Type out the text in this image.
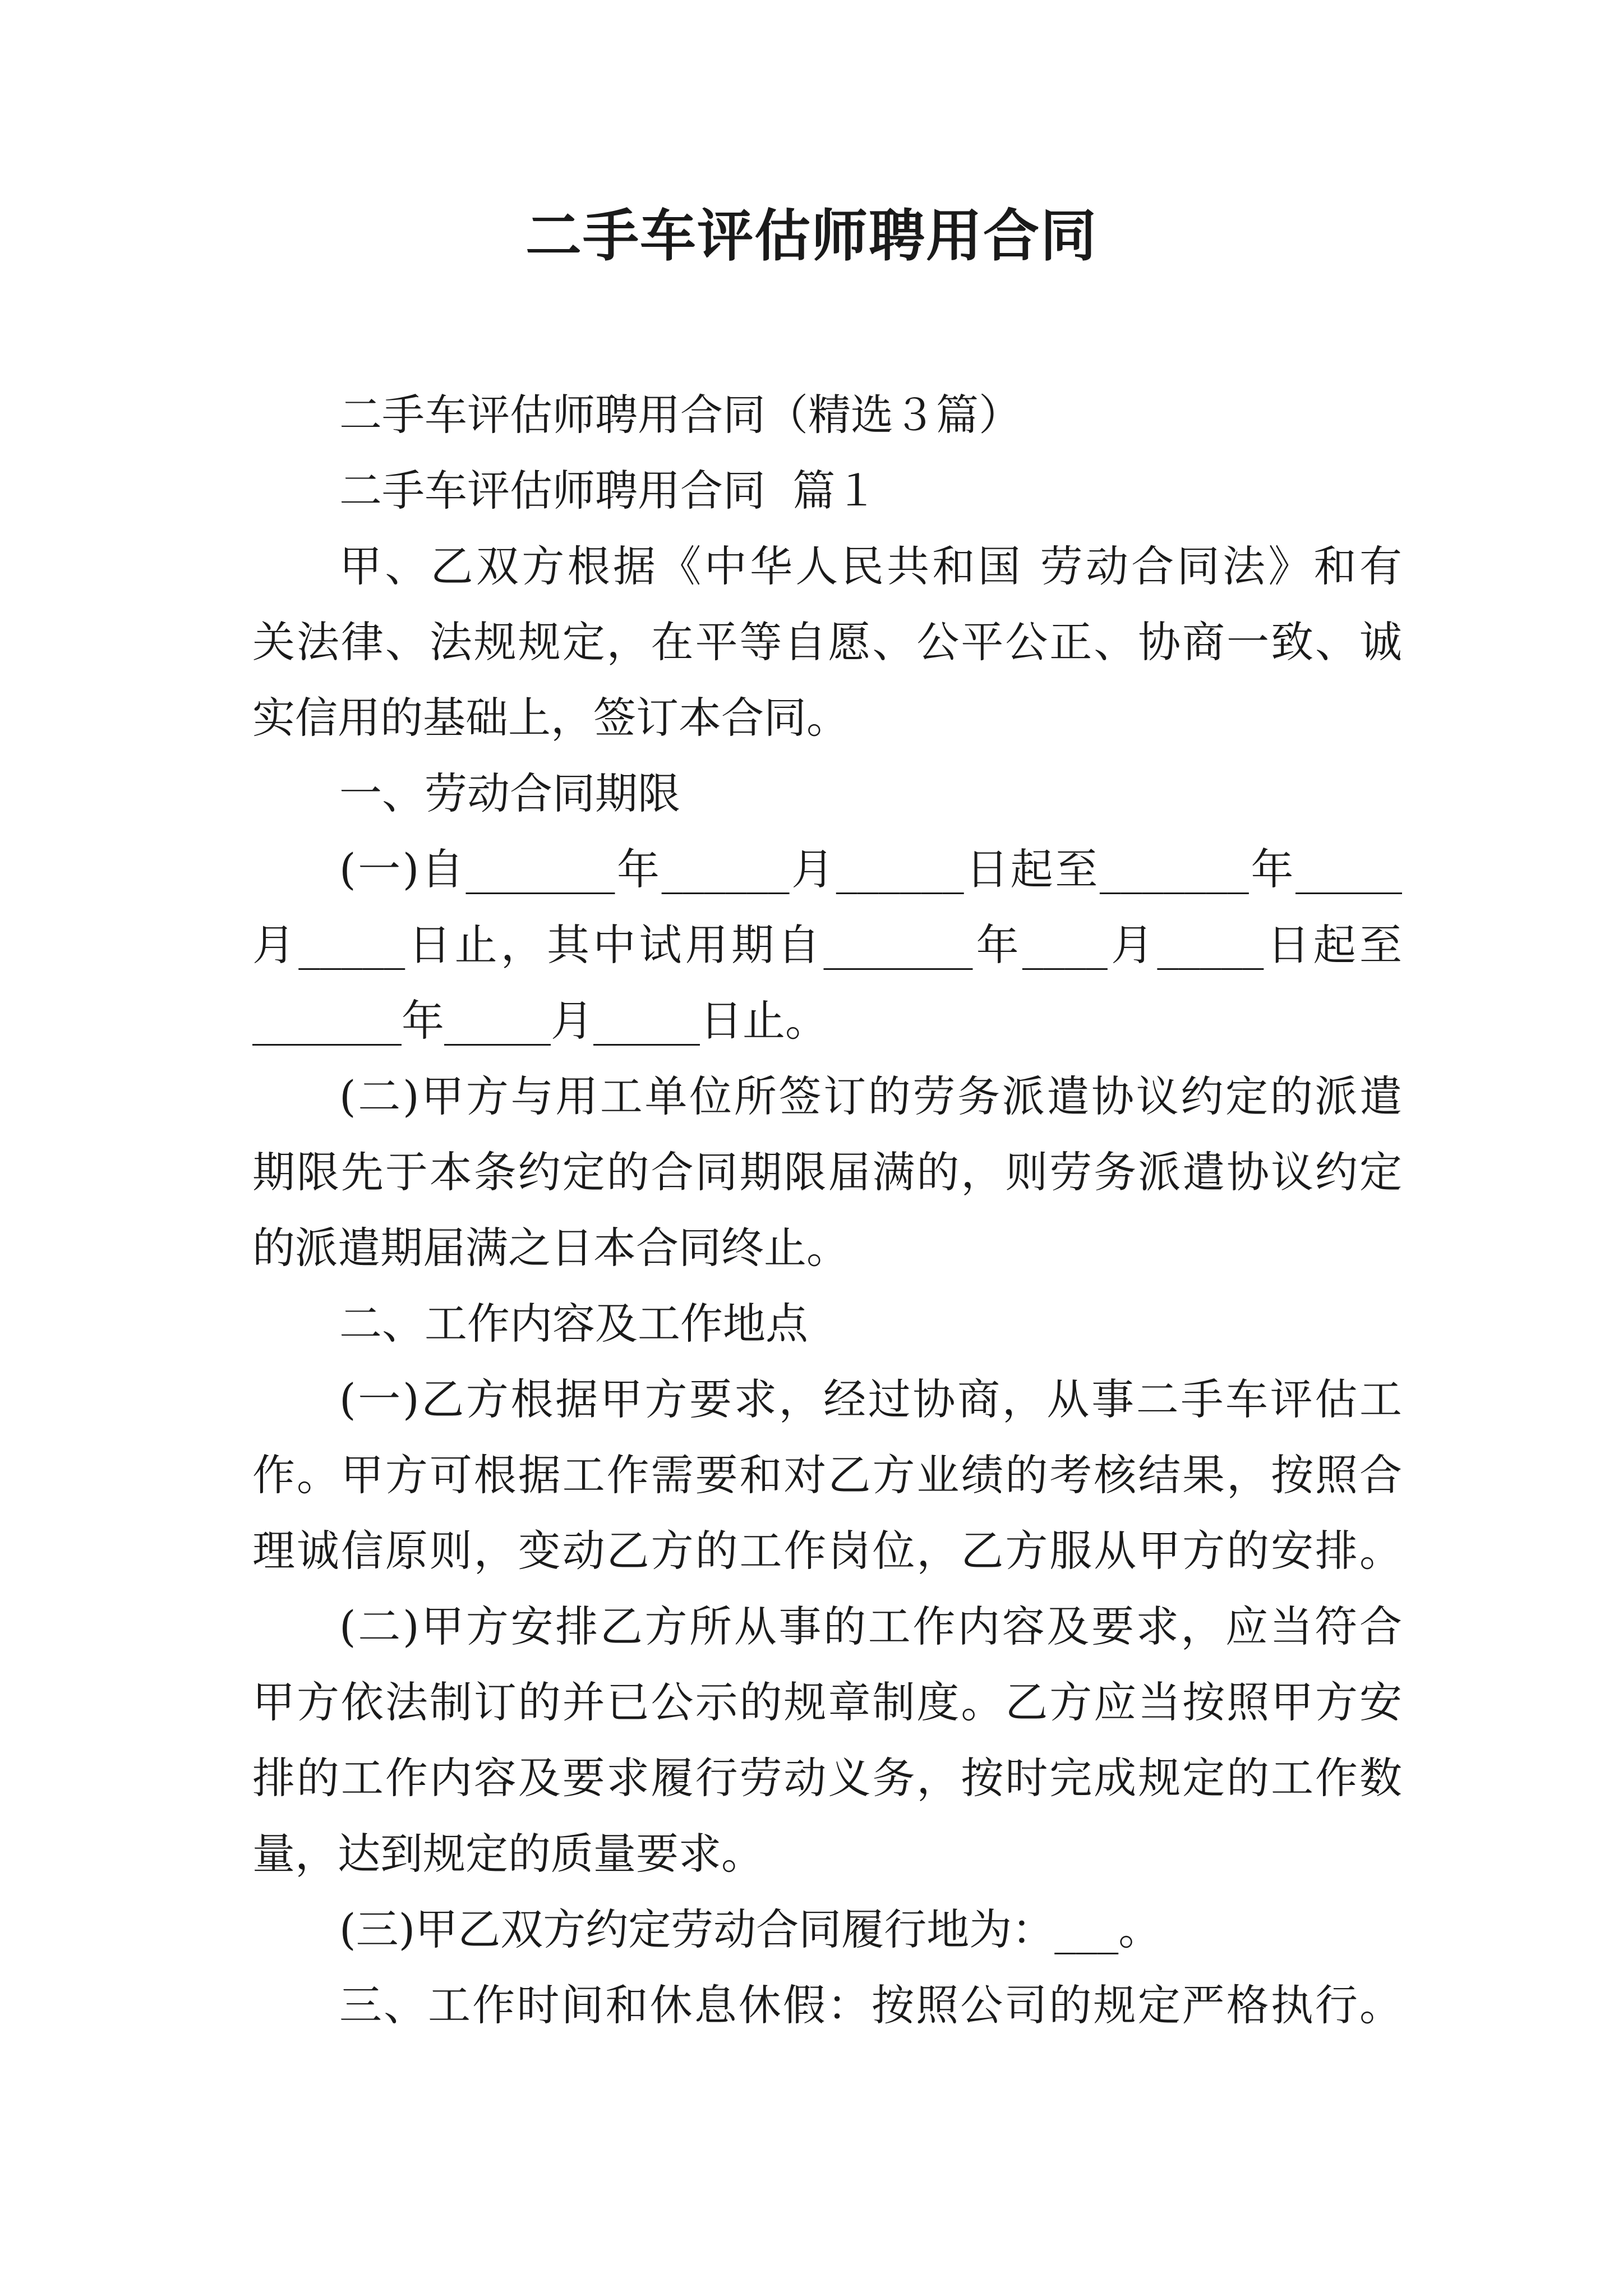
二手车评估师聘用合同
二手车评估师聘用合同（精选３篇）
二手车评估师聘用合同  篇１
甲、乙双方根据《中华人民共和国 劳动合同法》和有
关法律、法规规定，在平等自愿、公平公正、协商一致、诚
实信用的基础上，签订本合同。
一、劳动合同期限
(一)自_______年______月______日起至_______年_____
月_____日止，其中试用期自_______年____月_____日起至
_______年_____月_____日止。
(二)甲方与用工单位所签订的劳务派遣协议约定的派遣
期限先于本条约定的合同期限届满的，则劳务派遣协议约定
的派遣期届满之日本合同终止。
二、工作内容及工作地点
(一)乙方根据甲方要求，经过协商，从事二手车评估工
作。甲方可根据工作需要和对乙方业绩的考核结果，按照合
理诚信原则，变动乙方的工作岗位，乙方服从甲方的安排。
(二)甲方安排乙方所从事的工作内容及要求，应当符合
甲方依法制订的并已公示的规章制度。乙方应当按照甲方安
排的工作内容及要求履行劳动义务，按时完成规定的工作数
量，达到规定的质量要求。
(三)甲乙双方约定劳动合同履行地为：___。
三、工作时间和休息休假：按照公司的规定严格执行。
